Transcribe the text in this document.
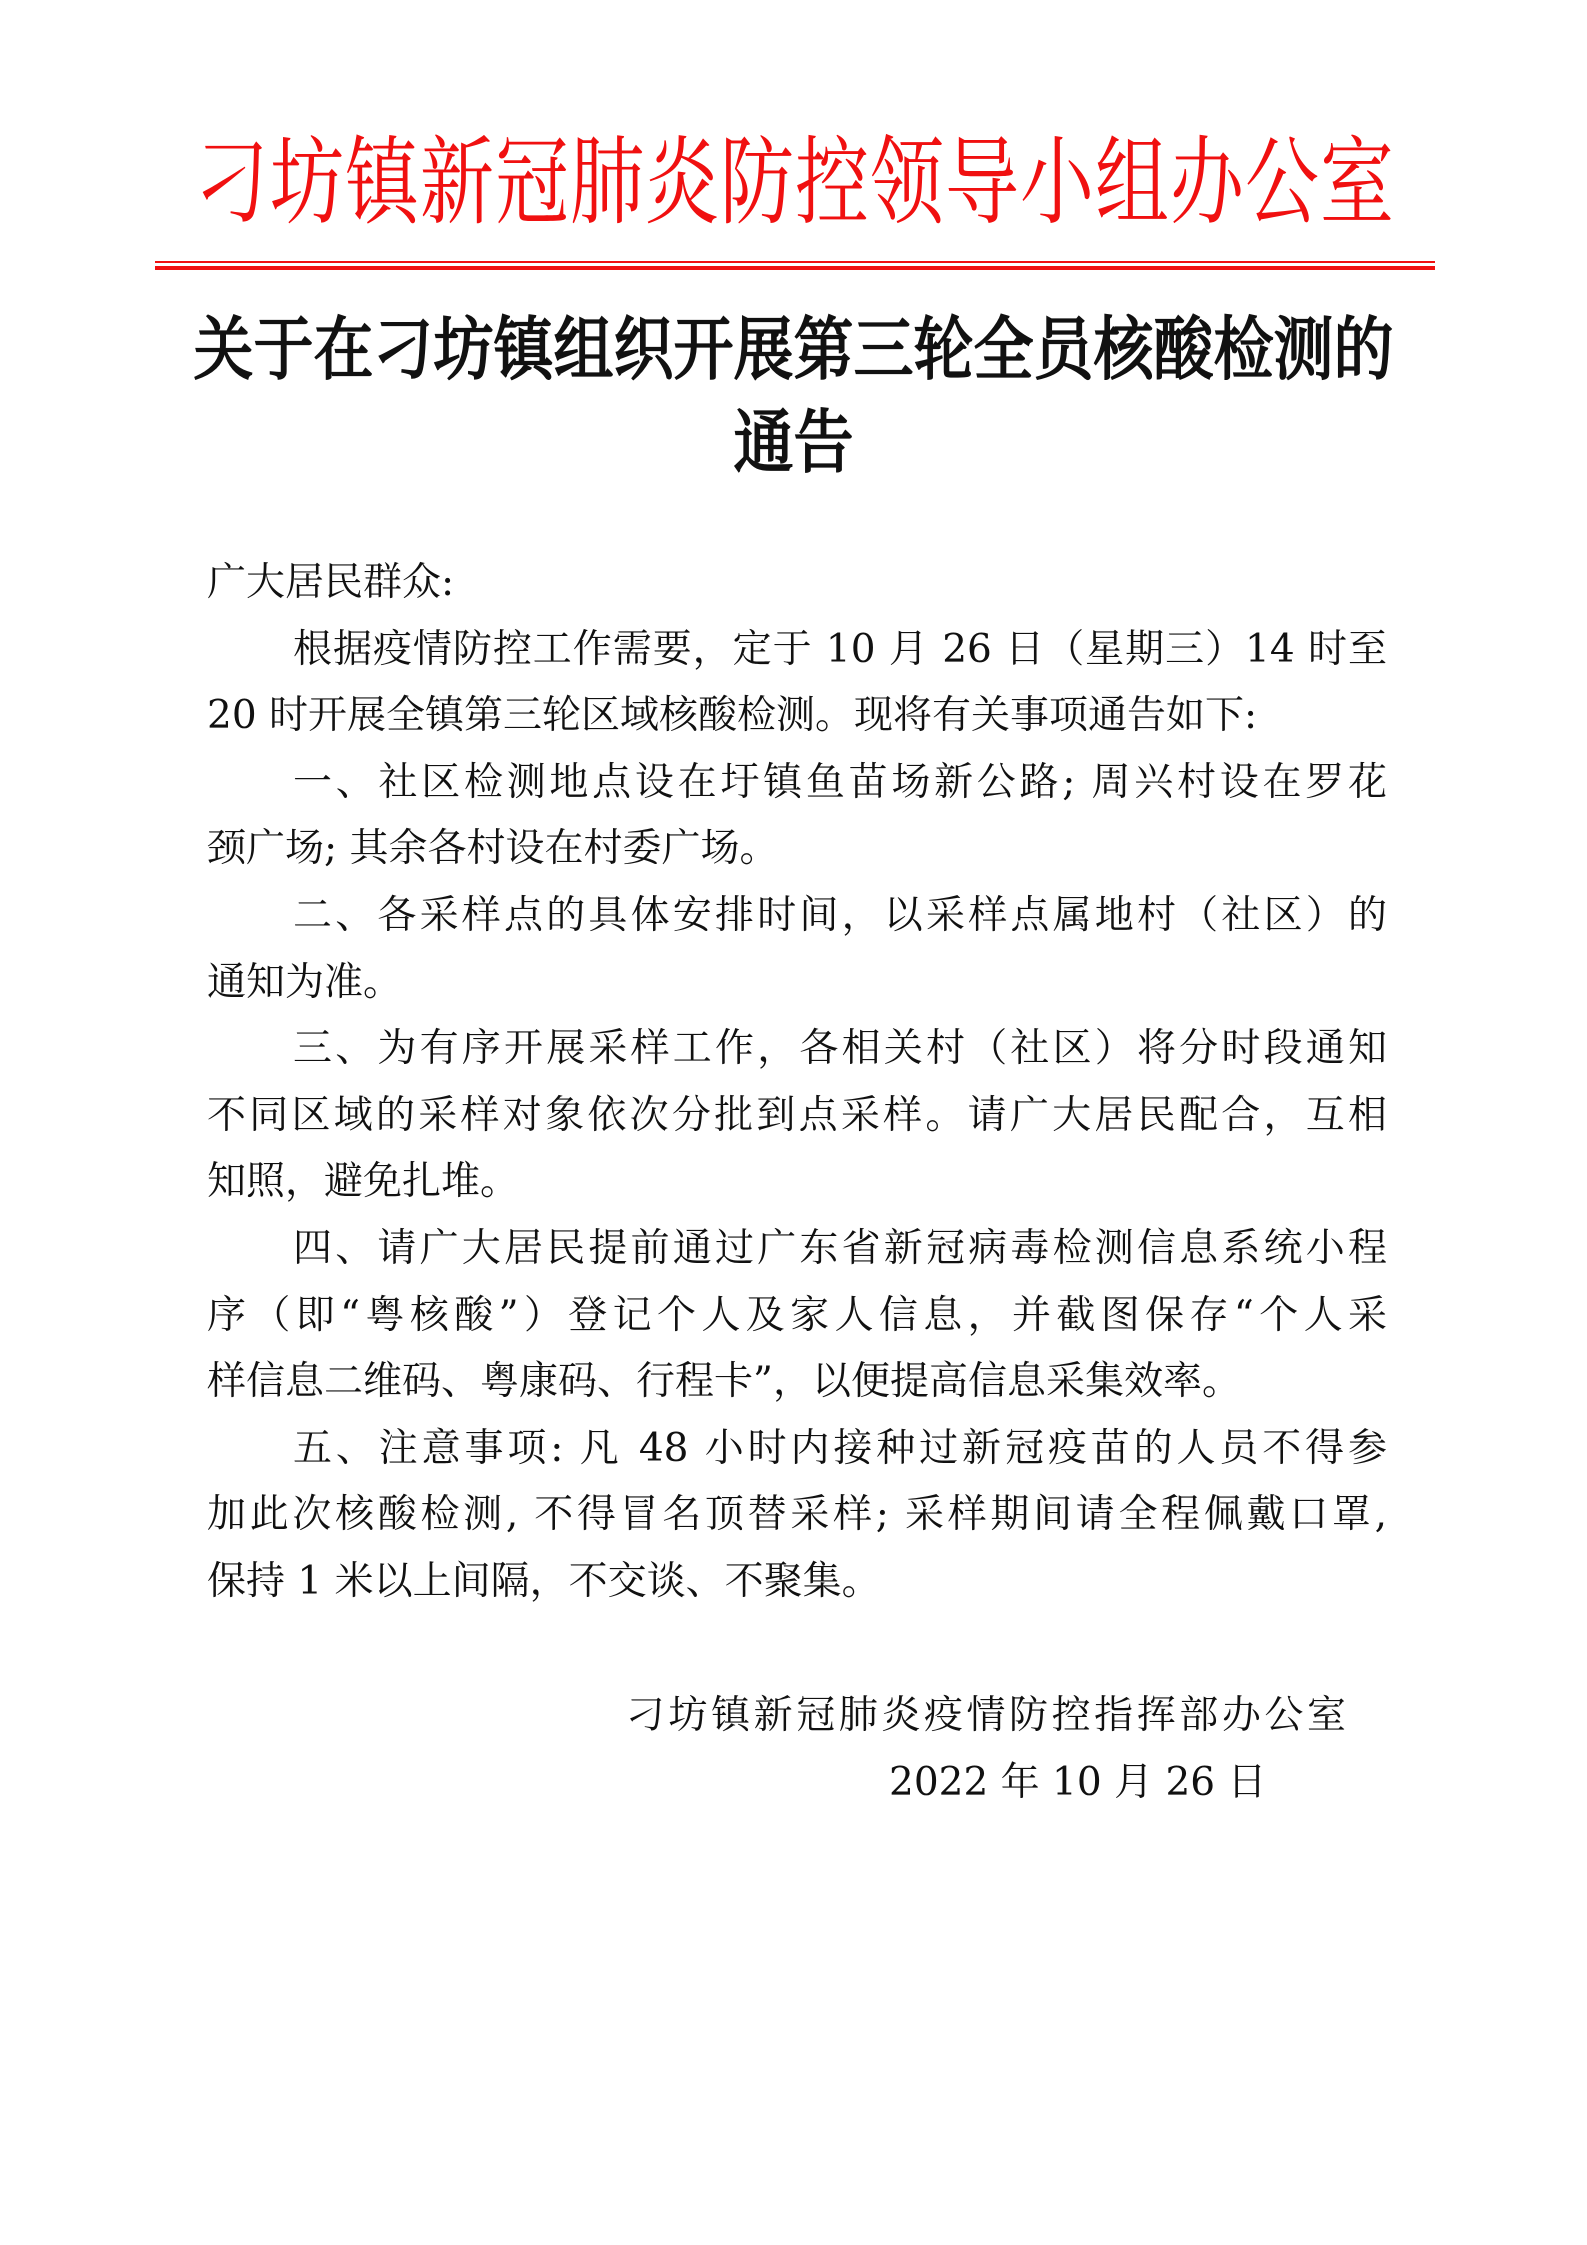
刁坊镇新冠肺炎防控领导小组办公室
关于在刁坊镇组织开展第三轮全员核酸检测的
通告
广大居民群众:
根据疫情防控工作需要，定于 10 月 26 日（星期三）14 时至
20 时开展全镇第三轮区域核酸检测。现将有关事项通告如下:
一、社区检测地点设在圩镇鱼苗场新公路; 周兴村设在罗花
颈广场; 其余各村设在村委广场。
二、各采样点的具体安排时间，以采样点属地村（社区）的
通知为准。
三、为有序开展采样工作，各相关村（社区）将分时段通知
不同区域的采样对象依次分批到点采样。请广大居民配合，互相
知照，避免扎堆。
四、请广大居民提前通过广东省新冠病毒检测信息系统小程
序（即“粤核酸”）登记个人及家人信息，并截图保存“个人采
样信息二维码、粤康码、行程卡”，以便提高信息采集效率。
五、注意事项: 凡 48 小时内接种过新冠疫苗的人员不得参
加此次核酸检测, 不得冒名顶替采样; 采样期间请全程佩戴口罩,
保持 1 米以上间隔，不交谈、不聚集。
刁坊镇新冠肺炎疫情防控指挥部办公室
2022 年 10 月 26 日
